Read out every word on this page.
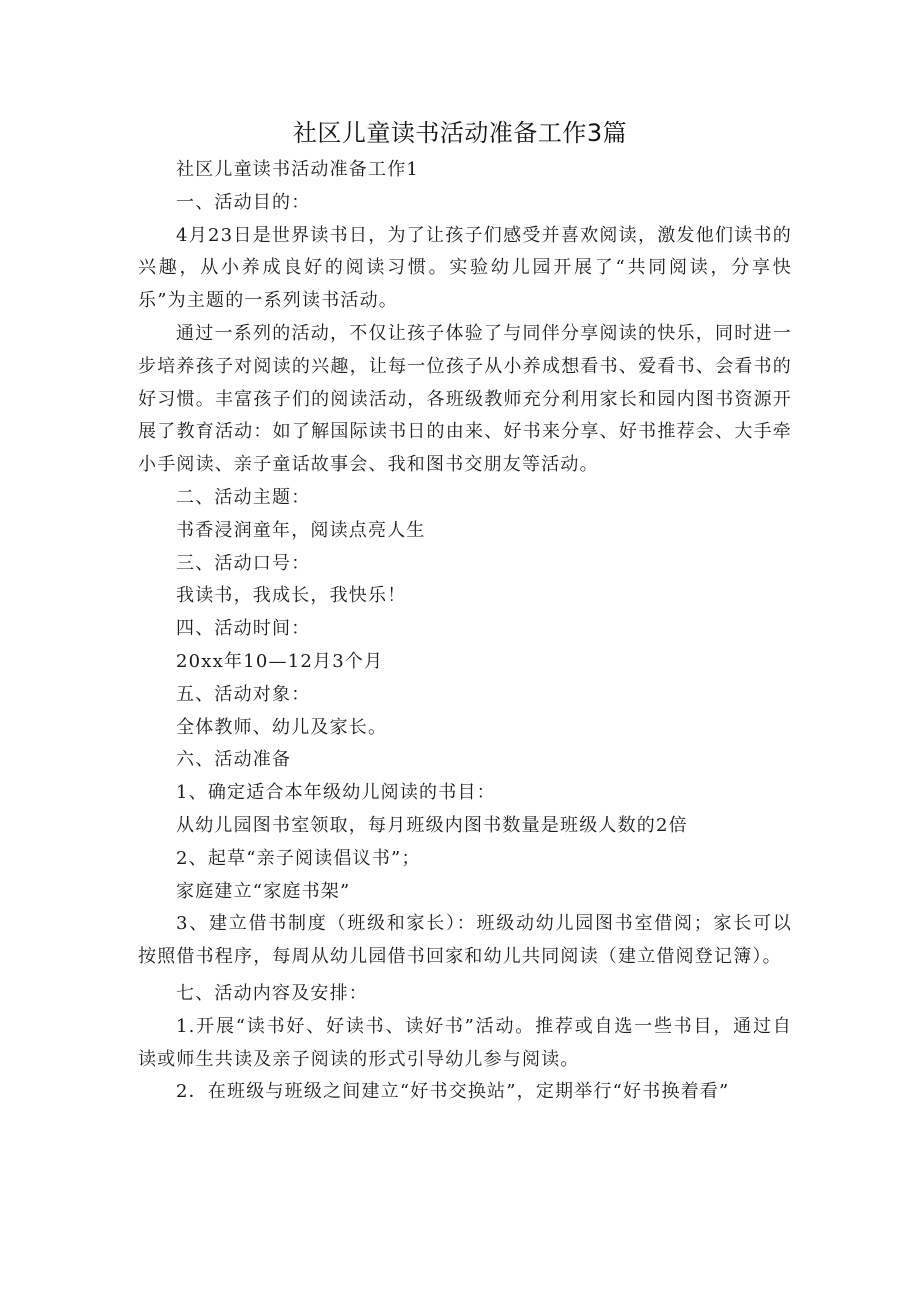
社区儿童读书活动准备工作3篇

社区儿童读书活动准备工作1

一、活动目的：

4月23日是世界读书日，为了让孩子们感受并喜欢阅读，激发他们读书的兴趣，从小养成良好的阅读习惯。实验幼儿园开展了“共同阅读，分享快乐”为主题的一系列读书活动。

通过一系列的活动，不仅让孩子体验了与同伴分享阅读的快乐，同时进一步培养孩子对阅读的兴趣，让每一位孩子从小养成想看书、爱看书、会看书的好习惯。丰富孩子们的阅读活动，各班级教师充分利用家长和园内图书资源开展了教育活动：如了解国际读书日的由来、好书来分享、好书推荐会、大手牵小手阅读、亲子童话故事会、我和图书交朋友等活动。

二、活动主题：

书香浸润童年，阅读点亮人生

三、活动口号：

我读书，我成长，我快乐！

四、活动时间：

20xx年10—12月3个月

五、活动对象：

全体教师、幼儿及家长。

六、活动准备

1、确定适合本年级幼儿阅读的书目：

从幼儿园图书室领取，每月班级内图书数量是班级人数的2倍

2、起草“亲子阅读倡议书”；

家庭建立“家庭书架”

3、建立借书制度（班级和家长）：班级动幼儿园图书室借阅；家长可以按照借书程序，每周从幼儿园借书回家和幼儿共同阅读（建立借阅登记簿）。

七、活动内容及安排：

1.开展“读书好、好读书、读好书”活动。推荐或自选一些书目，通过自读或师生共读及亲子阅读的形式引导幼儿参与阅读。

2．在班级与班级之间建立“好书交换站”，定期举行“好书换着看”
